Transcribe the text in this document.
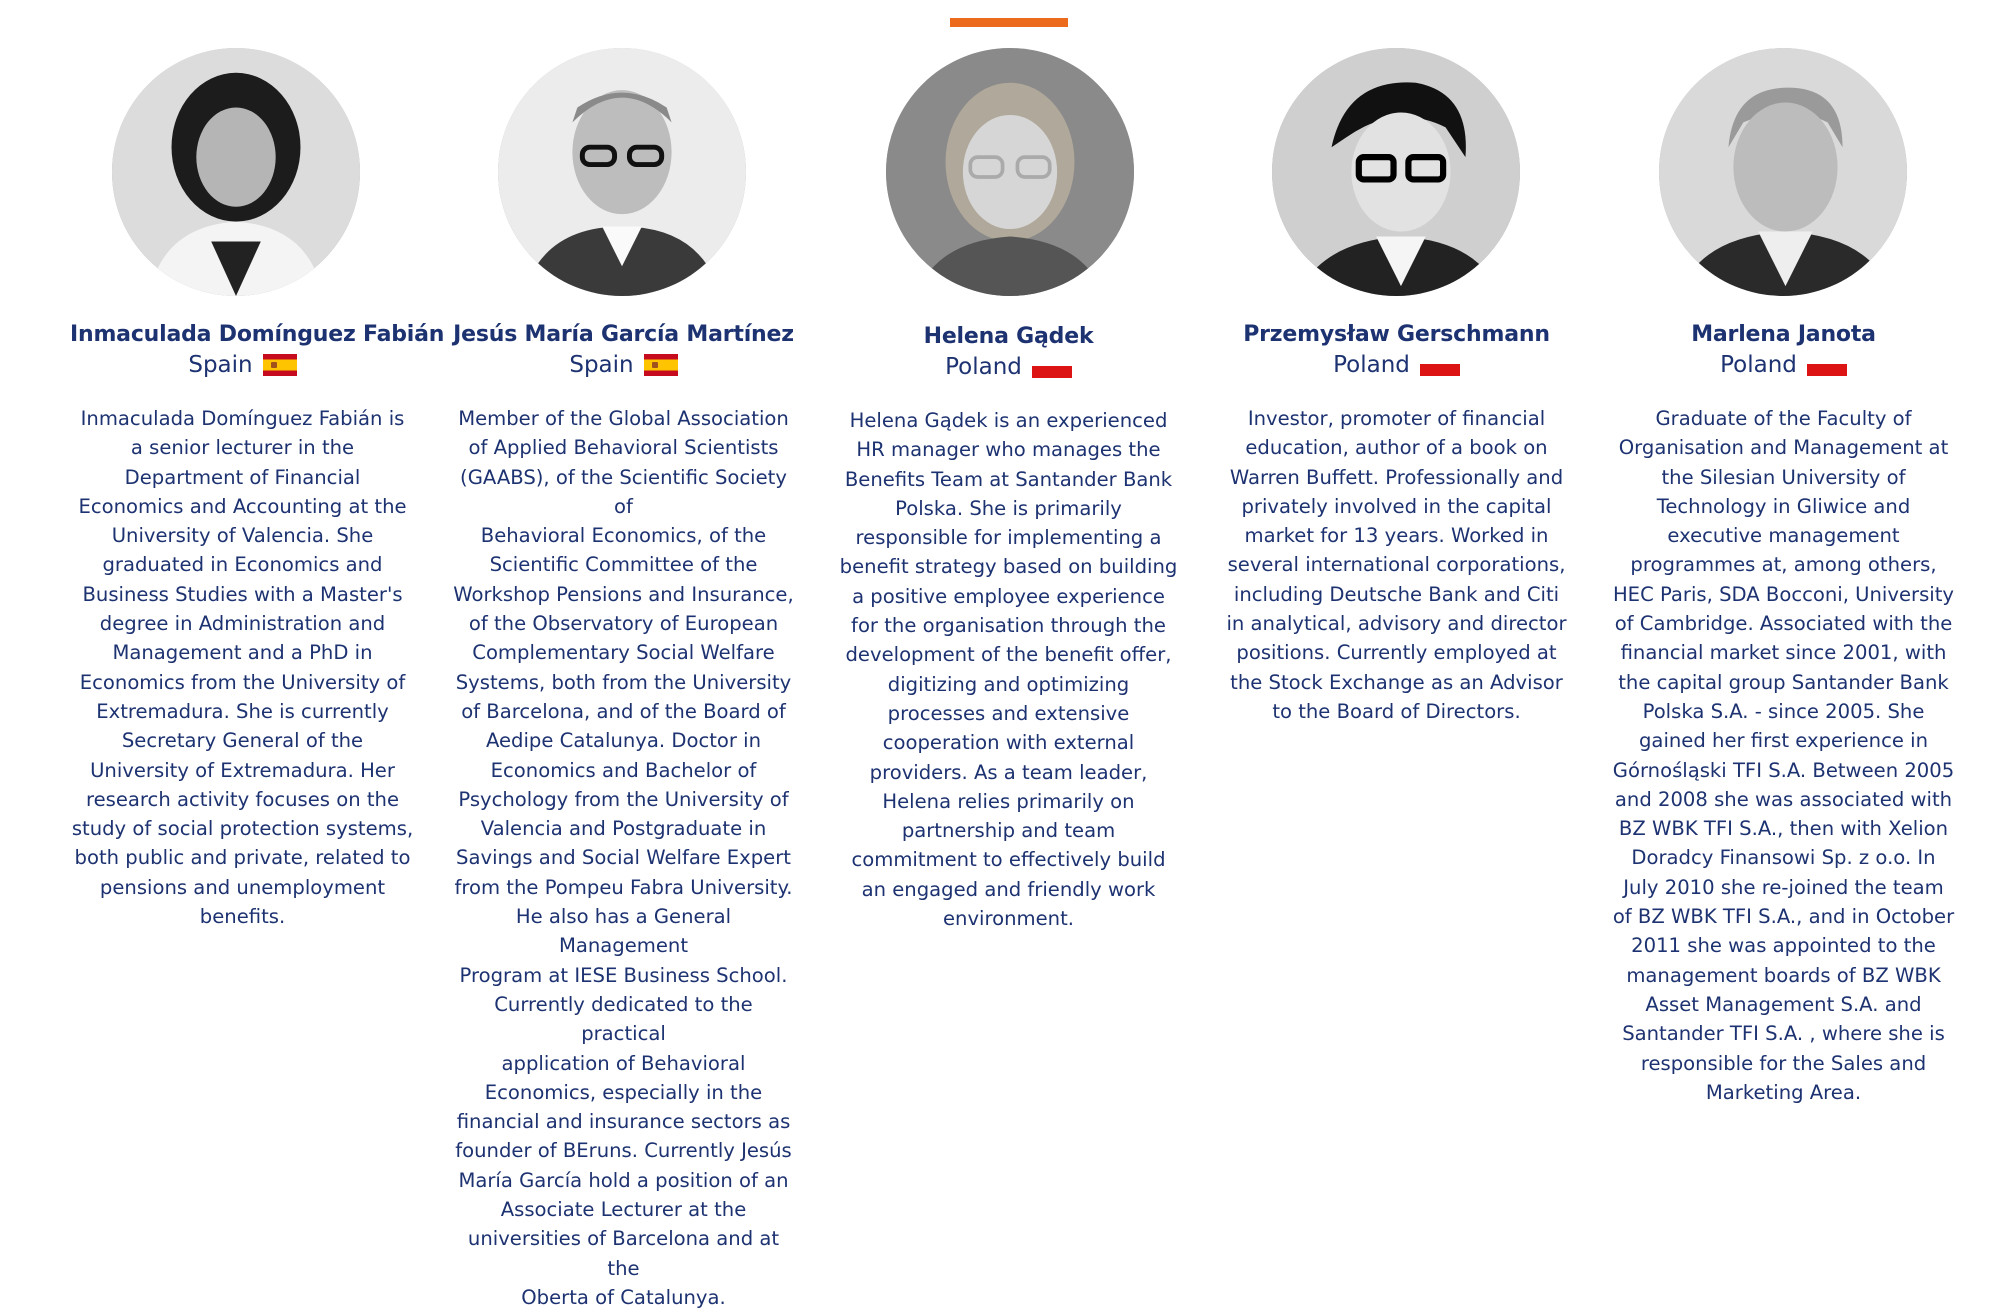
Inmaculada Domínguez Fabián
Spain
Inmaculada Domínguez Fabián is
a senior lecturer in the
Department of Financial
Economics and Accounting at the
University of Valencia. She
graduated in Economics and
Business Studies with a Master's
degree in Administration and
Management and a PhD in
Economics from the University of
Extremadura. She is currently
Secretary General of the
University of Extremadura. Her
research activity focuses on the
study of social protection systems,
both public and private, related to
pensions and unemployment
benefits.
Jesús María García Martínez
Spain
Member of the Global Association
of Applied Behavioral Scientists
(GAABS), of the Scientific Society of
Behavioral Economics, of the
Scientific Committee of the
Workshop Pensions and Insurance,
of the Observatory of European
Complementary Social Welfare
Systems, both from the University
of Barcelona, and of the Board of
Aedipe Catalunya. Doctor in
Economics and Bachelor of
Psychology from the University of
Valencia and Postgraduate in
Savings and Social Welfare Expert
from the Pompeu Fabra University.
He also has a General Management
Program at IESE Business School.
Currently dedicated to the practical
application of Behavioral
Economics, especially in the
financial and insurance sectors as
founder of BEruns. Currently Jesús
María García hold a position of an
Associate Lecturer at the
universities of Barcelona and at the
Oberta of Catalunya.
Helena Gądek
Poland
Helena Gądek is an experienced
HR manager who manages the
Benefits Team at Santander Bank
Polska. She is primarily
responsible for implementing a
benefit strategy based on building
a positive employee experience
for the organisation through the
development of the benefit offer,
digitizing and optimizing
processes and extensive
cooperation with external
providers. As a team leader,
Helena relies primarily on
partnership and team
commitment to effectively build
an engaged and friendly work
environment.
Przemysław Gerschmann
Poland
Investor, promoter of financial
education, author of a book on
Warren Buffett. Professionally and
privately involved in the capital
market for 13 years. Worked in
several international corporations,
including Deutsche Bank and Citi
in analytical, advisory and director
positions. Currently employed at
the Stock Exchange as an Advisor
to the Board of Directors.
Marlena Janota
Poland
Graduate of the Faculty of
Organisation and Management at
the Silesian University of
Technology in Gliwice and
executive management
programmes at, among others,
HEC Paris, SDA Bocconi, University
of Cambridge. Associated with the
financial market since 2001, with
the capital group Santander Bank
Polska S.A. - since 2005. She
gained her first experience in
Górnośląski TFI S.A. Between 2005
and 2008 she was associated with
BZ WBK TFI S.A., then with Xelion
Doradcy Finansowi Sp. z o.o. In
July 2010 she re-joined the team
of BZ WBK TFI S.A., and in October
2011 she was appointed to the
management boards of BZ WBK
Asset Management S.A. and
Santander TFI S.A. , where she is
responsible for the Sales and
Marketing Area.
